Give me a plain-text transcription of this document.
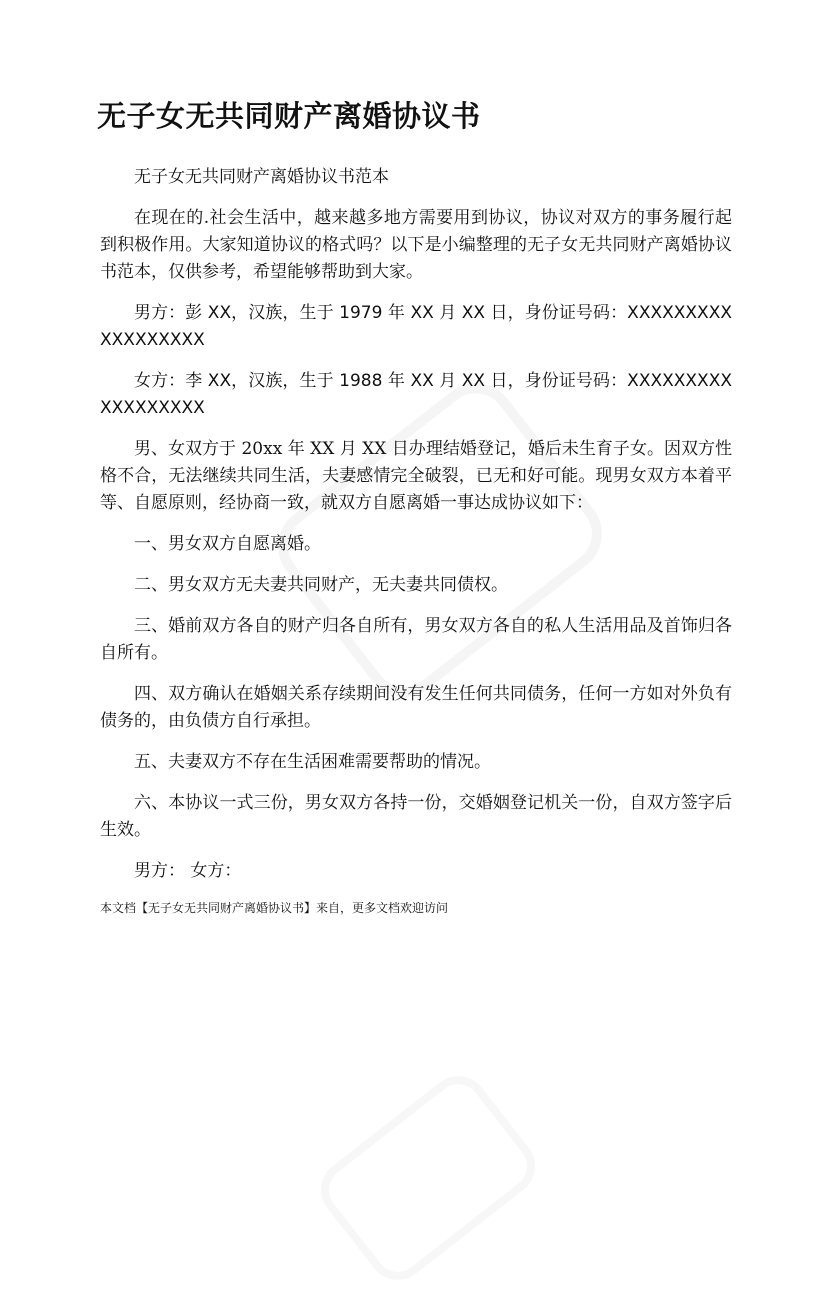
无子女无共同财产离婚协议书

无子女无共同财产离婚协议书范本

在现在的.社会生活中，越来越多地方需要用到协议，协议对双方的事务履行起到积极作用。大家知道协议的格式吗？以下是小编整理的无子女无共同财产离婚协议书范本，仅供参考，希望能够帮助到大家。

男方：彭 XX，汉族，生于 1979 年 XX 月 XX 日，身份证号码：XXXXXXXXXXXXXXXXXX

女方：李 XX，汉族，生于 1988 年 XX 月 XX 日，身份证号码：XXXXXXXXXXXXXXXXXX

男、女双方于 20xx 年 XX 月 XX 日办理结婚登记，婚后未生育子女。因双方性格不合，无法继续共同生活，夫妻感情完全破裂，已无和好可能。现男女双方本着平等、自愿原则，经协商一致，就双方自愿离婚一事达成协议如下：

一、男女双方自愿离婚。

二、男女双方无夫妻共同财产，无夫妻共同债权。

三、婚前双方各自的财产归各自所有，男女双方各自的私人生活用品及首饰归各自所有。

四、双方确认在婚姻关系存续期间没有发生任何共同债务，任何一方如对外负有债务的，由负债方自行承担。

五、夫妻双方不存在生活困难需要帮助的情况。

六、本协议一式三份，男女双方各持一份，交婚姻登记机关一份，自双方签字后生效。

男方： 女方：

本文档【无子女无共同财产离婚协议书】来自，更多文档欢迎访问
